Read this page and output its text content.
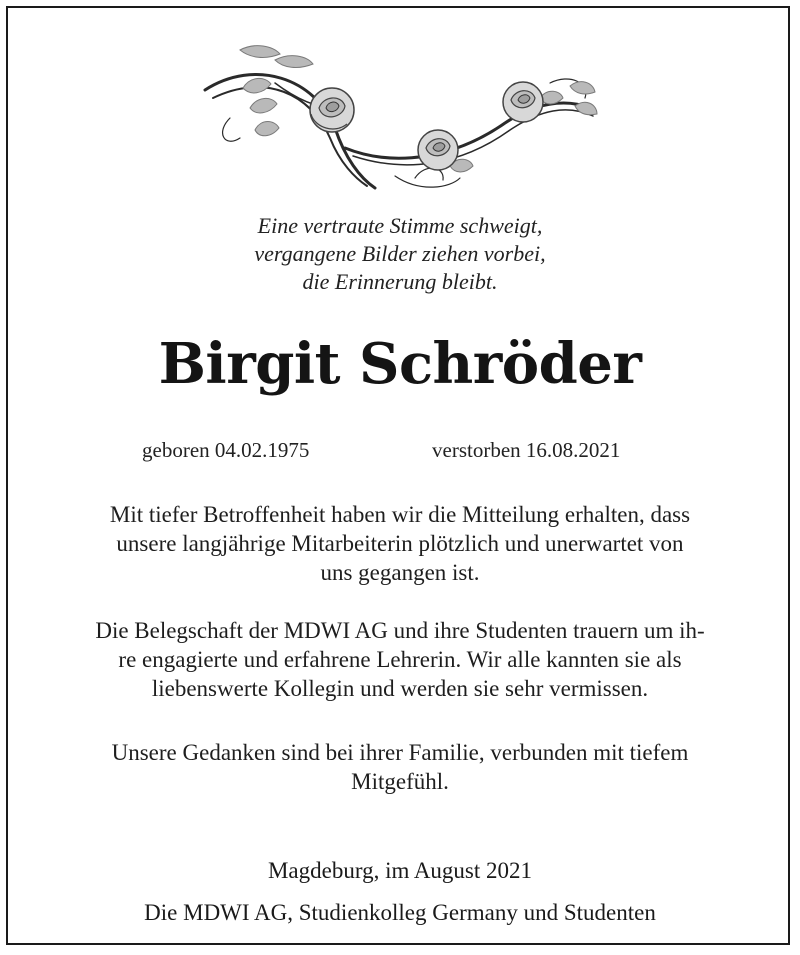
Eine vertraute Stimme schweigt,
vergangene Bilder ziehen vorbei,
die Erinnerung bleibt.
Birgit Schröder
geboren 04.02.1975	verstorben 16.08.2021
Mit tiefer Betroffenheit haben wir die Mitteilung erhalten, dass
unsere langjährige Mitarbeiterin plötzlich und unerwartet von
uns gegangen ist.
Die Belegschaft der MDWI AG und ihre Studenten trauern um ih-
re engagierte und erfahrene Lehrerin. Wir alle kannten sie als
liebenswerte Kollegin und werden sie sehr vermissen.
Unsere Gedanken sind bei ihrer Familie, verbunden mit tiefem
Mitgefühl.
Magdeburg, im August 2021
Die MDWI AG, Studienkolleg Germany und Studenten
